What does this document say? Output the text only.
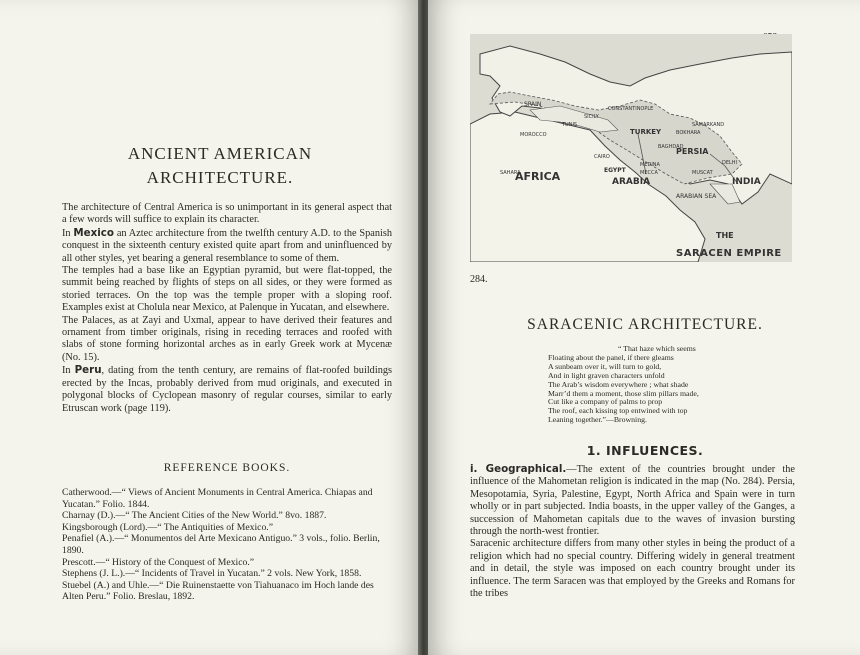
ANCIENT AMERICAN
ARCHITECTURE.

The architecture of Central America is so unimportant in its general aspect that a few words will suffice to explain its character.

In Mexico an Aztec architecture from the twelfth century A.D. to the Spanish conquest in the sixteenth century existed quite apart from and uninfluenced by all other styles, yet bearing a general resemblance to some of them.

The temples had a base like an Egyptian pyramid, but were flat-topped, the summit being reached by flights of steps on all sides, or they were formed as storied terraces. On the top was the temple proper with a sloping roof. Examples exist at Cholula near Mexico, at Palenque in Yucatan, and elsewhere.

The Palaces, as at Zayi and Uxmal, appear to have derived their features and ornament from timber originals, rising in receding terraces and roofed with slabs of stone forming horizontal arches as in early Greek work at Mycenæ (No. 15).

In Peru, dating from the tenth century, are remains of flat-roofed buildings erected by the Incas, probably derived from mud originals, and executed in polygonal blocks of Cyclopean masonry of regular courses, similar to early Etruscan work (page 119).

REFERENCE BOOKS.

Catherwood.—“ Views of Ancient Monuments in Central America. Chiapas and Yucatan.” Folio. 1844.

Charnay (D.).—“ The Ancient Cities of the New World.” 8vo. 1887.

Kingsborough (Lord).—“ The Antiquities of Mexico.”

Penafiel (A.).—“ Monumentos del Arte Mexicano Antiguo.” 3 vols., folio. Berlin, 1890.

Prescott.—“ History of the Conquest of Mexico.”

Stephens (J. L.).—“ Incidents of Travel in Yucatan.” 2 vols. New York, 1858.

Stuebel (A.) and Uhle.—“ Die Ruinenstaette von Tiahuanaco im Hoch lande des Alten Peru.” Folio. Breslau, 1892.

AFRICA	ARABIA	INDIA
PERSIA
TURKEY
EGYPT
ARABIAN SEA
SPAIN
TUNIS
SICILY
MOROCCO
CONSTANTINOPLE
SAMARKAND
BOKHARA
BAGHDAD
CAIRO
MEDINA
MECCA
SAHARA	MUSCAT
DELHI
THE
SARACEN EMPIRE
284.
SARACENIC ARCHITECTURE.

“ That haze which seems

Floating about the panel, if there gleams

A sunbeam over it, will turn to gold,

And in light graven characters unfold

The Arab’s wisdom everywhere ; what shade

Marr’d them a moment, those slim pillars made,

Cut like a company of palms to prop

The roof, each kissing top entwined with top

Leaning together.”—Browning.

1. INFLUENCES.

i. Geographical.—The extent of the countries brought under the influence of the Mahometan religion is indicated in the map (No. 284). Persia, Mesopotamia, Syria, Palestine, Egypt, North Africa and Spain were in turn wholly or in part subjected. India boasts, in the upper valley of the Ganges, a succession of Mahometan capitals due to the waves of invasion bursting through the north-west frontier.

Saracenic architecture differs from many other styles in being the product of a religion which had no special country. Differing widely in general treatment and in detail, the style was imposed on each country brought under its influence. The term Saracen was that employed by the Greeks and Romans for the tribes
